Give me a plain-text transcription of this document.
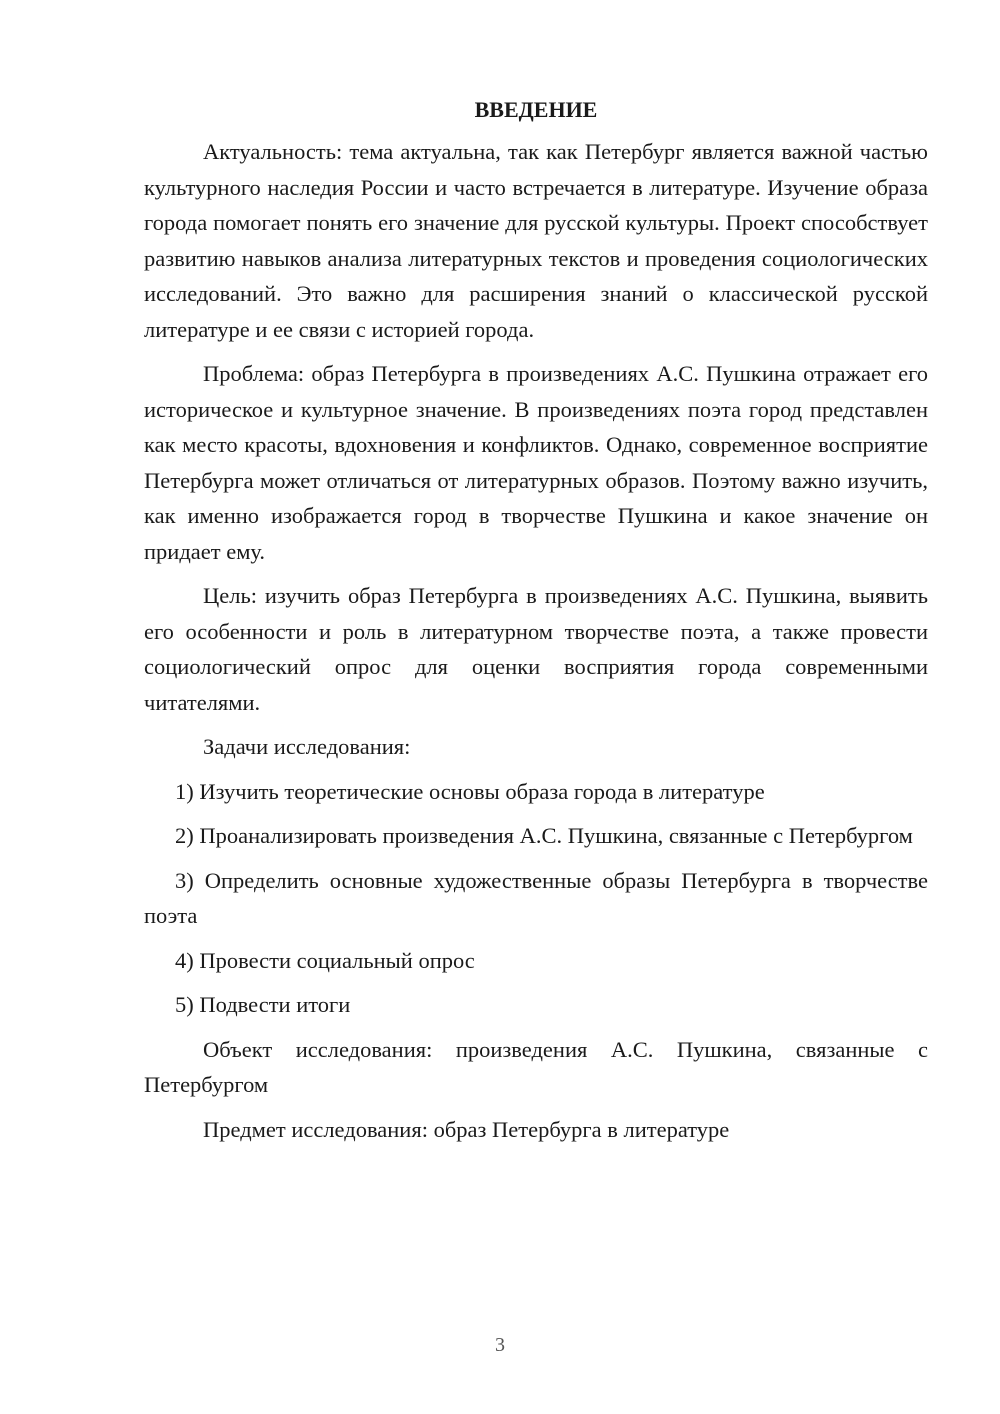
ВВЕДЕНИЕ

Актуальность: тема актуальна, так как Петербург является важной частью культурного наследия России и часто встречается в литературе. Изучение образа города помогает понять его значение для русской культуры. Проект способствует развитию навыков анализа литературных текстов и проведения социологических исследований. Это важно для расширения знаний о классической русской литературе и ее связи с историей города.

Проблема: образ Петербурга в произведениях А.С. Пушкина отражает его историческое и культурное значение. В произведениях поэта город представлен как место красоты, вдохновения и конфликтов. Однако, современное восприятие Петербурга может отличаться от литературных образов. Поэтому важно изучить, как именно изображается город в творчестве Пушкина и какое значение он придает ему.

Цель: изучить образ Петербурга в произведениях А.С. Пушкина, выявить его особенности и роль в литературном творчестве поэта, а также провести социологический опрос для оценки восприятия города современными читателями.

Задачи исследования:

1) Изучить теоретические основы образа города в литературе

2) Проанализировать произведения А.С. Пушкина, связанные с Петербургом

3) Определить основные художественные образы Петербурга в творчестве поэта

4) Провести социальный опрос

5) Подвести итоги

Объект исследования: произведения А.С. Пушкина, связанные с Петербургом

Предмет исследования: образ Петербурга в литературе

3
